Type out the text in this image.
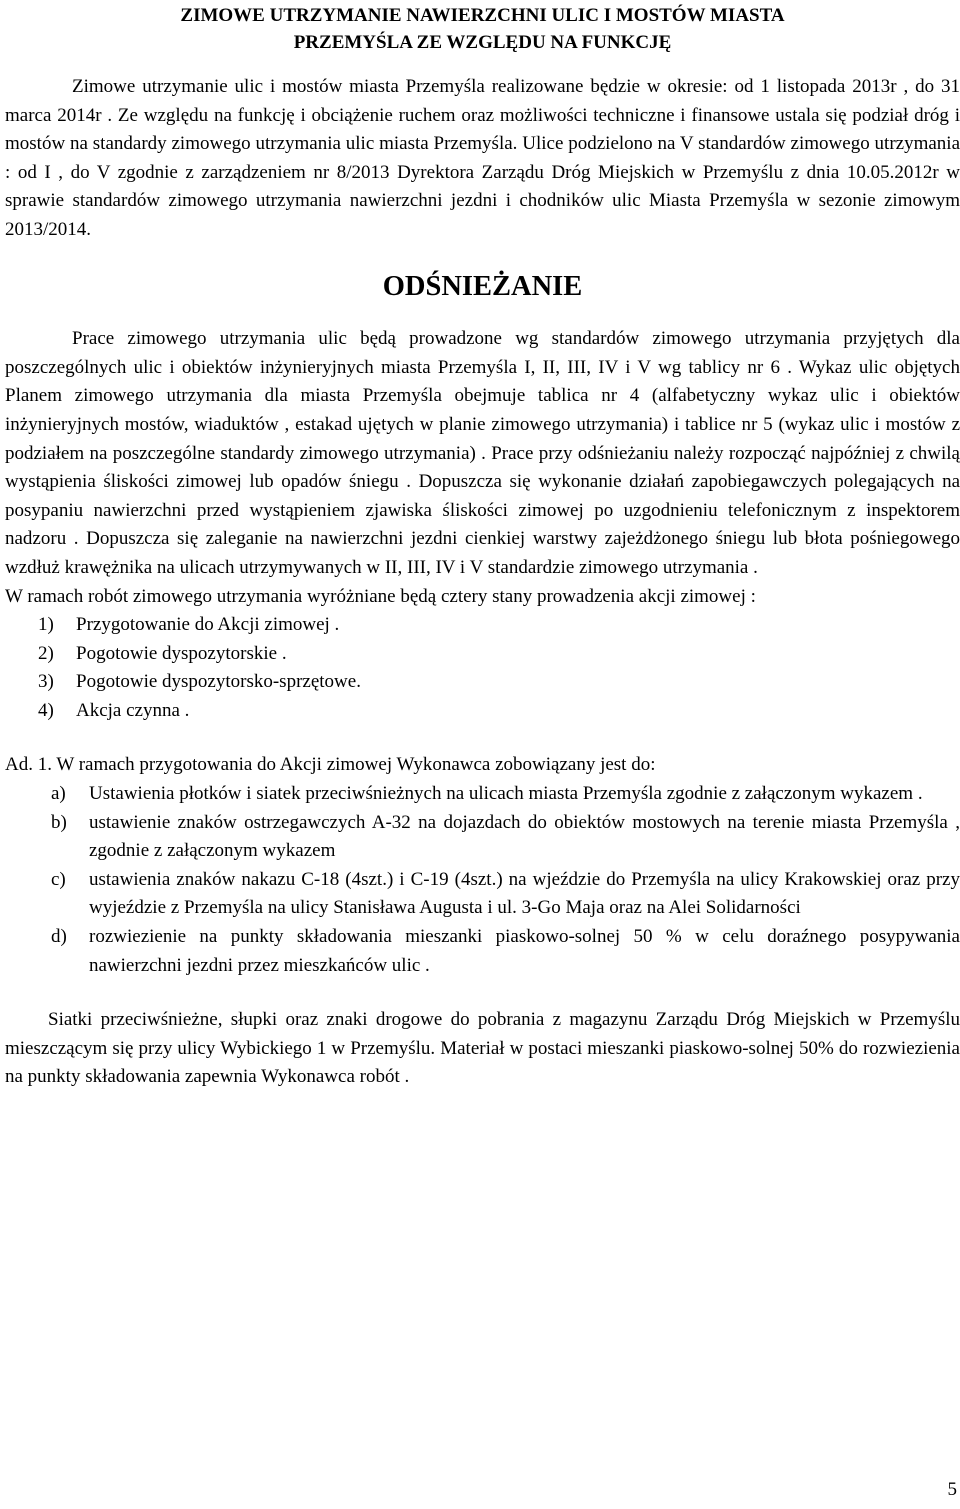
ZIMOWE UTRZYMANIE NAWIERZCHNI ULIC I MOSTÓW MIASTA
PRZEMYŚLA ZE WZGLĘDU NA FUNKCJĘ

Zimowe utrzymanie ulic i mostów miasta Przemyśla realizowane będzie w okresie: od 1 listopada 2013r , do 31 marca 2014r . Ze względu na funkcję i obciążenie ruchem oraz możliwości techniczne i finansowe ustala się podział dróg i mostów na standardy zimowego utrzymania ulic miasta Przemyśla. Ulice podzielono na V standardów zimowego utrzymania : od I , do V zgodnie z zarządzeniem nr 8/2013 Dyrektora Zarządu Dróg Miejskich w Przemyślu z dnia 10.05.2012r w sprawie standardów zimowego utrzymania nawierzchni jezdni i chodników ulic Miasta Przemyśla w sezonie zimowym 2013/2014.

ODŚNIEŻANIE

Prace zimowego utrzymania ulic będą prowadzone wg standardów zimowego utrzymania przyjętych dla poszczególnych ulic i obiektów inżynieryjnych miasta Przemyśla I, II, III, IV i V wg tablicy nr 6 . Wykaz ulic objętych Planem zimowego utrzymania dla miasta Przemyśla obejmuje tablica nr 4 (alfabetyczny wykaz ulic i obiektów inżynieryjnych mostów, wiaduktów , estakad ujętych w planie zimowego utrzymania) i tablice nr 5 (wykaz ulic i mostów z podziałem na poszczególne standardy zimowego utrzymania) . Prace przy odśnieżaniu należy rozpocząć najpóźniej z chwilą wystąpienia śliskości zimowej lub opadów śniegu . Dopuszcza się wykonanie działań zapobiegawczych polegających na posypaniu nawierzchni przed wystąpieniem zjawiska śliskości zimowej po uzgodnieniu telefonicznym z inspektorem nadzoru . Dopuszcza się zaleganie na nawierzchni jezdni cienkiej warstwy zajeżdżonego śniegu lub błota pośniegowego wzdłuż krawężnika na ulicach utrzymywanych w II, III, IV i V standardzie zimowego utrzymania .

W ramach robót zimowego utrzymania wyróżniane będą cztery stany prowadzenia akcji zimowej :

1)	Przygotowanie do Akcji zimowej .
2)	Pogotowie dyspozytorskie .
3)	Pogotowie dyspozytorsko-sprzętowe.
4)	Akcja czynna .

Ad. 1. W ramach przygotowania do Akcji zimowej Wykonawca zobowiązany jest do:

a)	Ustawienia płotków i siatek przeciwśnieżnych na ulicach miasta Przemyśla zgodnie z załączonym wykazem .
b)	ustawienie znaków ostrzegawczych A-32 na dojazdach do obiektów mostowych na terenie miasta Przemyśla , zgodnie z załączonym wykazem
c)	ustawienia znaków nakazu C-18 (4szt.) i C-19 (4szt.) na wjeździe do Przemyśla na ulicy Krakowskiej oraz przy wyjeździe z Przemyśla na ulicy Stanisława Augusta i ul. 3-Go Maja oraz na Alei Solidarności
d)	rozwiezienie na punkty składowania mieszanki piaskowo-solnej 50 % w celu doraźnego posypywania nawierzchni jezdni przez mieszkańców ulic .

Siatki przeciwśnieżne, słupki oraz znaki drogowe do pobrania z magazynu Zarządu Dróg Miejskich w Przemyślu mieszczącym się przy ulicy Wybickiego 1 w Przemyślu. Materiał w postaci mieszanki piaskowo-solnej 50% do rozwiezienia na punkty składowania zapewnia Wykonawca robót .

5
